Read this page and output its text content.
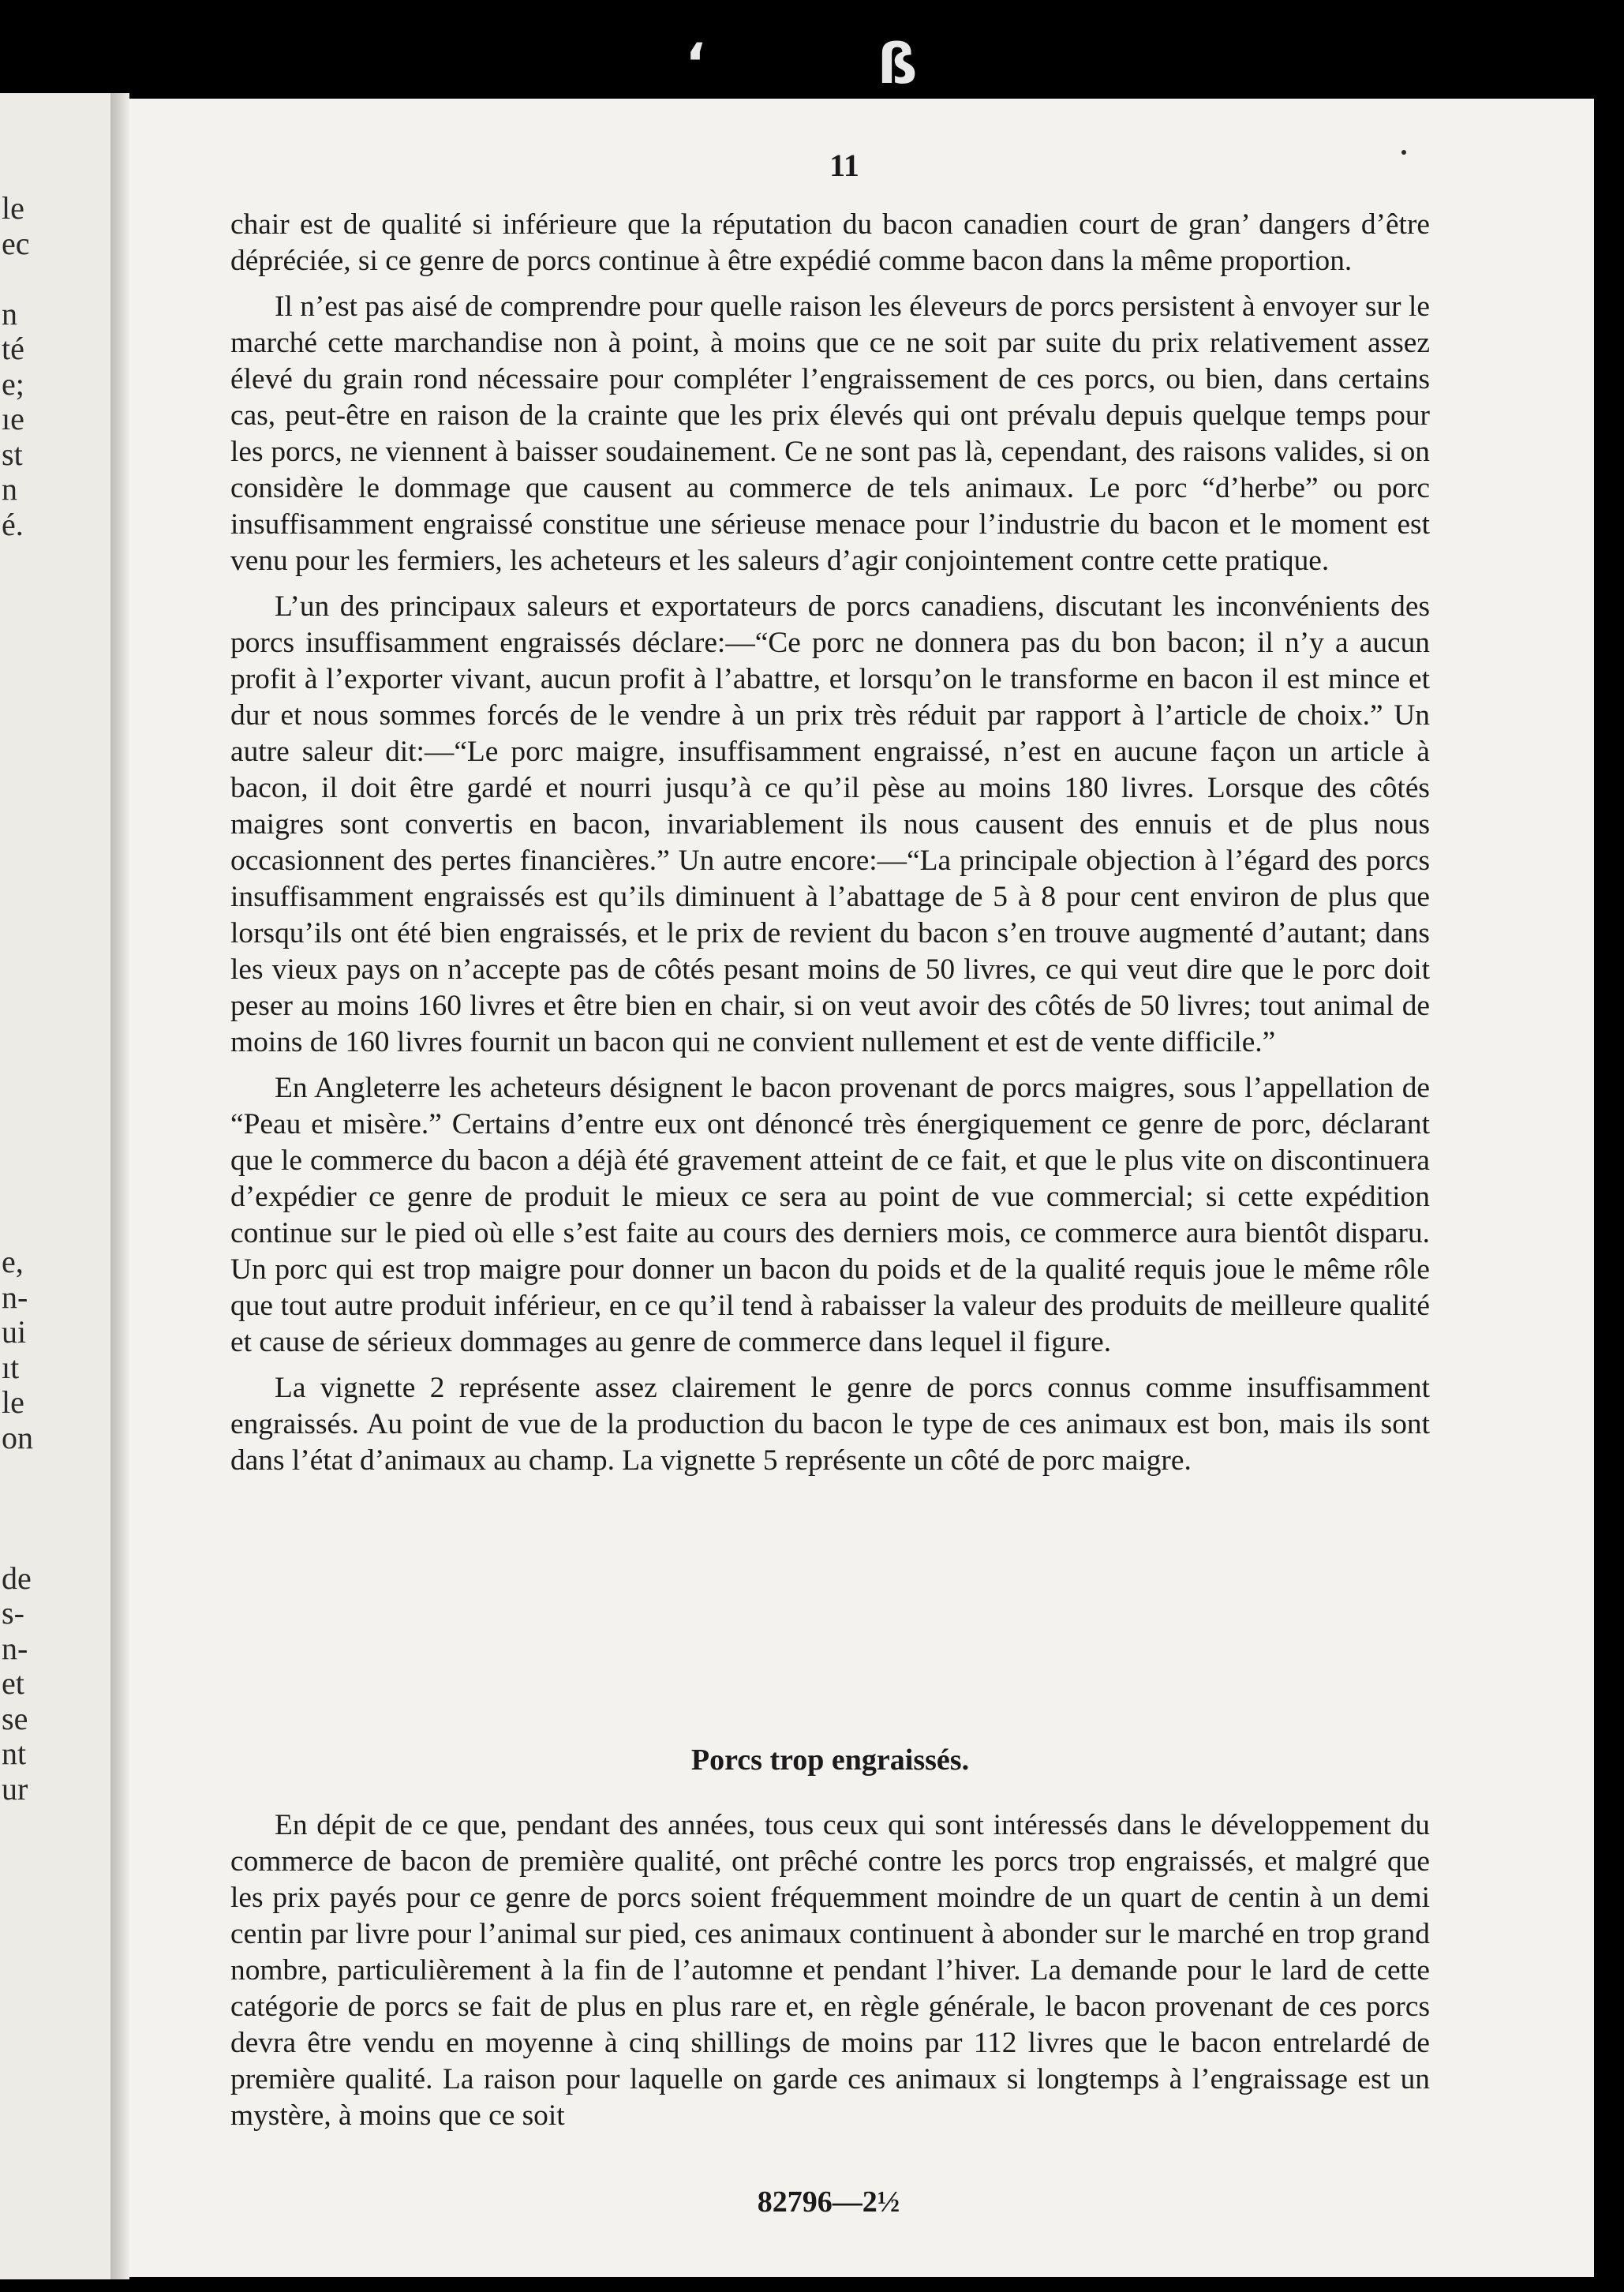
‘	ß
le
ec
n
té
e;
ıe
st
n
é.
e,
n-
ui
ıt
le
on
de
s-
n-
et
se
nt
ur
11

chair est de qualité si inférieure que la réputation du bacon canadien court de gran’ dangers d’être dépréciée, si ce genre de porcs continue à être expédié comme bacon dans la même proportion.

Il n’est pas aisé de comprendre pour quelle raison les éleveurs de porcs persistent à envoyer sur le marché cette marchandise non à point, à moins que ce ne soit par suite du prix relativement assez élevé du grain rond nécessaire pour compléter l’engraissement de ces porcs, ou bien, dans certains cas, peut-être en raison de la crainte que les prix élevés qui ont prévalu depuis quelque temps pour les porcs, ne viennent à baisser soudainement. Ce ne sont pas là, cependant, des raisons valides, si on considère le dommage que causent au commerce de tels animaux. Le porc “d’herbe” ou porc insuffisamment engraissé constitue une sérieuse menace pour l’industrie du bacon et le moment est venu pour les fermiers, les acheteurs et les saleurs d’agir conjointement contre cette pratique.

L’un des principaux saleurs et exportateurs de porcs canadiens, discutant les inconvénients des porcs insuffisamment engraissés déclare:—“Ce porc ne donnera pas du bon bacon; il n’y a aucun profit à l’exporter vivant, aucun profit à l’abattre, et lorsqu’on le transforme en bacon il est mince et dur et nous sommes forcés de le vendre à un prix très réduit par rapport à l’article de choix.” Un autre saleur dit:—“Le porc maigre, insuffisamment engraissé, n’est en aucune façon un article à bacon, il doit être gardé et nourri jusqu’à ce qu’il pèse au moins 180 livres. Lorsque des côtés maigres sont convertis en bacon, invariablement ils nous causent des ennuis et de plus nous occasionnent des pertes financières.” Un autre encore:—“La principale objection à l’égard des porcs insuffisamment engraissés est qu’ils diminuent à l’abattage de 5 à 8 pour cent environ de plus que lorsqu’ils ont été bien engraissés, et le prix de revient du bacon s’en trouve augmenté d’autant; dans les vieux pays on n’accepte pas de côtés pesant moins de 50 livres, ce qui veut dire que le porc doit peser au moins 160 livres et être bien en chair, si on veut avoir des côtés de 50 livres; tout animal de moins de 160 livres fournit un bacon qui ne convient nullement et est de vente difficile.”

En Angleterre les acheteurs désignent le bacon provenant de porcs maigres, sous l’appellation de “Peau et misère.” Certains d’entre eux ont dénoncé très énergiquement ce genre de porc, déclarant que le commerce du bacon a déjà été gravement atteint de ce fait, et que le plus vite on discontinuera d’expédier ce genre de produit le mieux ce sera au point de vue commercial; si cette expédition continue sur le pied où elle s’est faite au cours des derniers mois, ce commerce aura bientôt disparu. Un porc qui est trop maigre pour donner un bacon du poids et de la qualité requis joue le même rôle que tout autre produit inférieur, en ce qu’il tend à rabaisser la valeur des produits de meilleure qualité et cause de sérieux dommages au genre de commerce dans lequel il figure.

La vignette 2 représente assez clairement le genre de porcs connus comme insuffisamment engraissés. Au point de vue de la production du bacon le type de ces animaux est bon, mais ils sont dans l’état d’animaux au champ. La vignette 5 représente un côté de porc maigre.

Porcs trop engraissés.

En dépit de ce que, pendant des années, tous ceux qui sont intéressés dans le développement du commerce de bacon de première qualité, ont prêché contre les porcs trop engraissés, et malgré que les prix payés pour ce genre de porcs soient fréquemment moindre de un quart de centin à un demi centin par livre pour l’animal sur pied, ces animaux continuent à abonder sur le marché en trop grand nombre, particulièrement à la fin de l’automne et pendant l’hiver. La demande pour le lard de cette catégorie de porcs se fait de plus en plus rare et, en règle générale, le bacon provenant de ces porcs devra être vendu en moyenne à cinq shillings de moins par 112 livres que le bacon entrelardé de première qualité. La raison pour laquelle on garde ces animaux si longtemps à l’engraissage est un mystère, à moins que ce soit

82796—2½
